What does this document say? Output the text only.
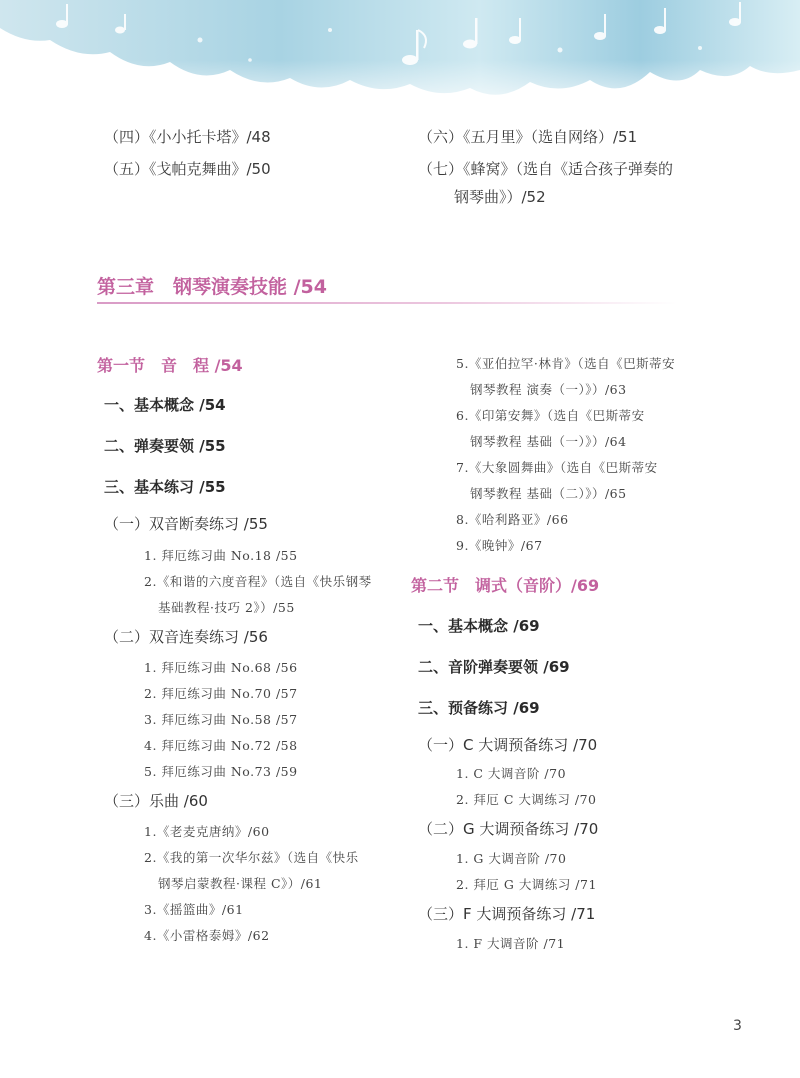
（四）《小小托卡塔》/48
（五）《戈帕克舞曲》/50
（六）《五月里》（选自网络）/51
（七）《蜂窝》（选自《适合孩子弹奏的
钢琴曲》）/52
第三章　钢琴演奏技能 /54
第一节　音　程 /54
一、基本概念 /54
二、弹奏要领 /55
三、基本练习 /55
（一）双音断奏练习 /55
1. 拜厄练习曲 No.18 /55
2.《和谐的六度音程》（选自《快乐钢琴
基础教程·技巧 2》）/55
（二）双音连奏练习 /56
1. 拜厄练习曲 No.68 /56
2. 拜厄练习曲 No.70 /57
3. 拜厄练习曲 No.58 /57
4. 拜厄练习曲 No.72 /58
5. 拜厄练习曲 No.73 /59
（三）乐曲 /60
1.《老麦克唐纳》/60
2.《我的第一次华尔兹》（选自《快乐
钢琴启蒙教程·课程 C》）/61
3.《摇篮曲》/61
4.《小雷格泰姆》/62
5.《亚伯拉罕·林肯》（选自《巴斯蒂安
钢琴教程 演奏（一）》）/63
6.《印第安舞》（选自《巴斯蒂安
钢琴教程 基础（一）》）/64
7.《大象圆舞曲》（选自《巴斯蒂安
钢琴教程 基础（二）》）/65
8.《哈利路亚》/66
9.《晚钟》/67
第二节　调式（音阶）/69
一、基本概念 /69
二、音阶弹奏要领 /69
三、预备练习 /69
（一）C 大调预备练习 /70
1. C 大调音阶 /70
2. 拜厄 C 大调练习 /70
（二）G 大调预备练习 /70
1. G 大调音阶 /70
2. 拜厄 G 大调练习 /71
（三）F 大调预备练习 /71
1. F 大调音阶 /71
3
